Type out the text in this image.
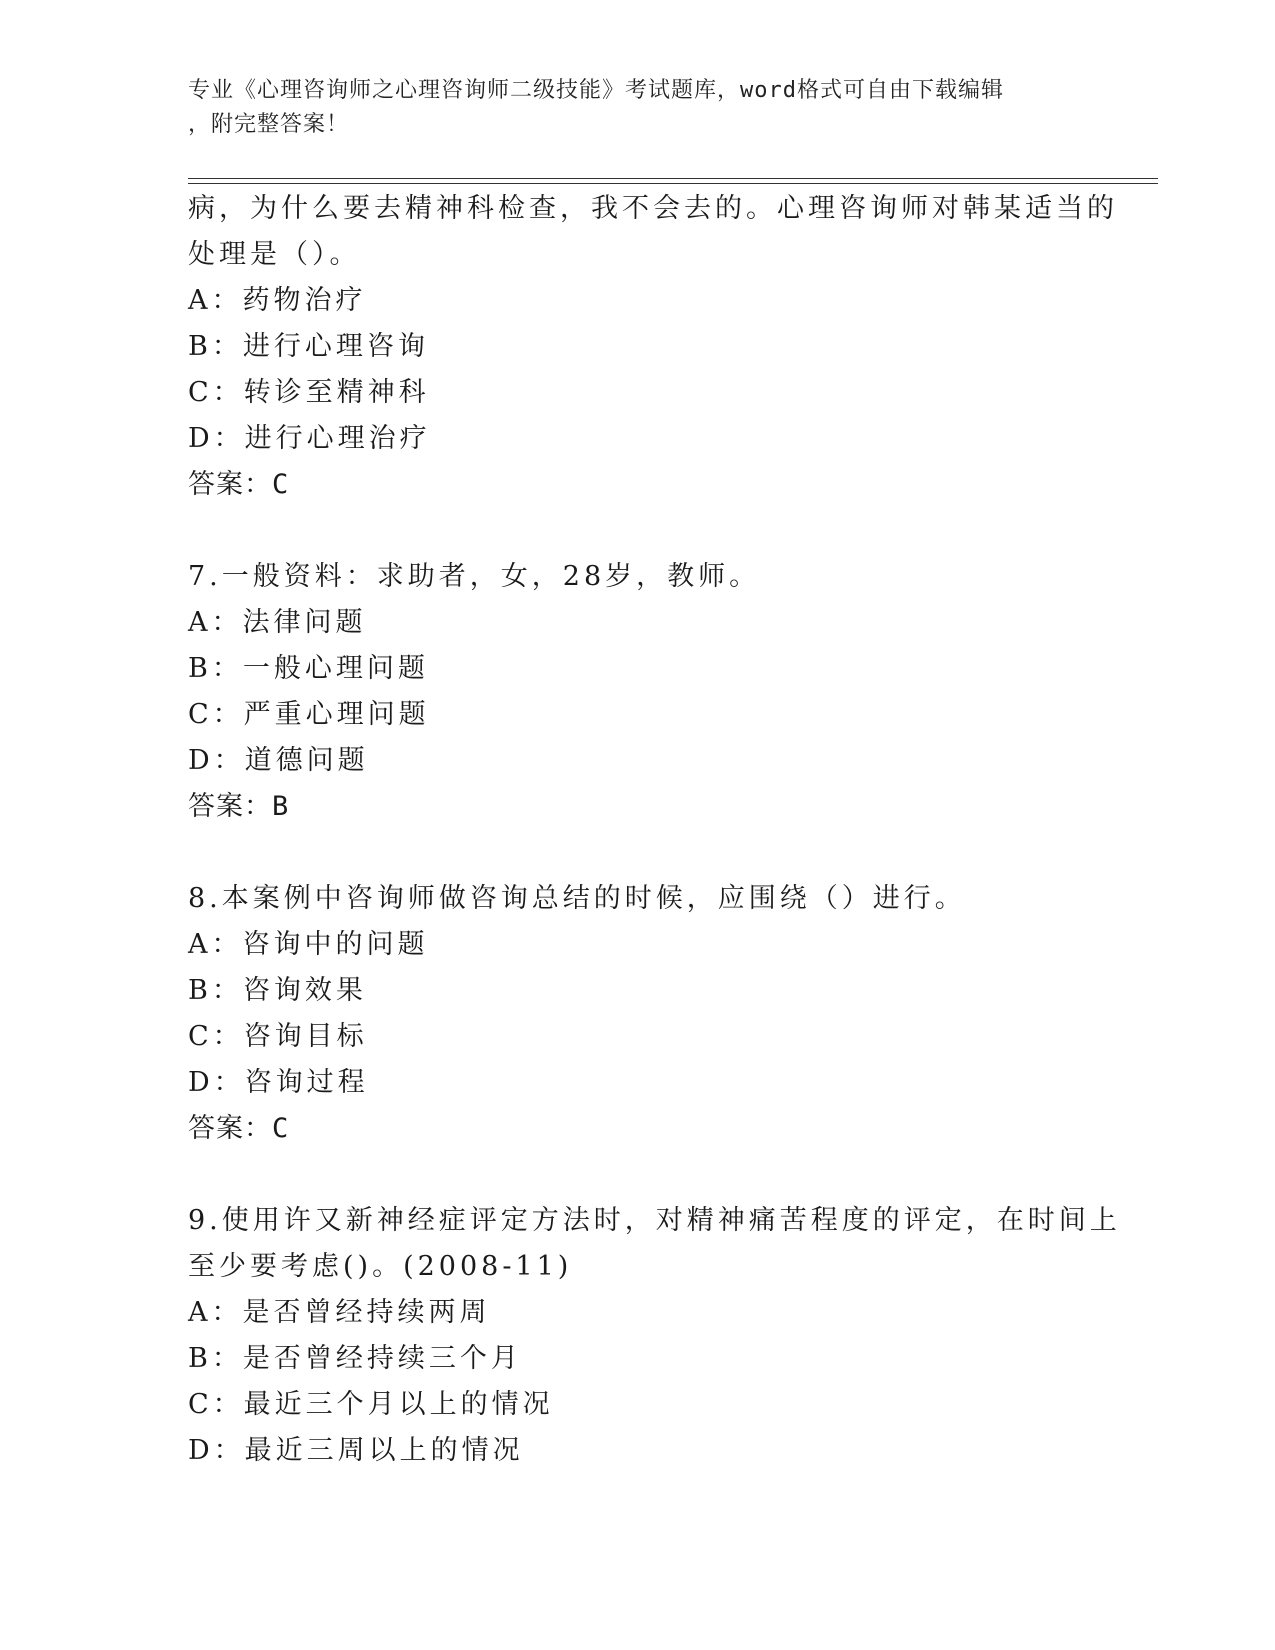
专业《心理咨询师之心理咨询师二级技能》考试题库，word格式可自由下载编辑
，附完整答案！
病，为什么要去精神科检查，我不会去的。心理咨询师对韩某适当的
处理是（）。
A：药物治疗
B：进行心理咨询
C：转诊至精神科
D：进行心理治疗
答案：C
7.一般资料：求助者，女，28岁，教师。
A：法律问题
B：一般心理问题
C：严重心理问题
D：道德问题
答案：B
8.本案例中咨询师做咨询总结的时候，应围绕（）进行。
A：咨询中的问题
B：咨询效果
C：咨询目标
D：咨询过程
答案：C
9.使用许又新神经症评定方法时，对精神痛苦程度的评定，在时间上
至少要考虑()。(2008-11)
A：是否曾经持续两周
B：是否曾经持续三个月
C：最近三个月以上的情况
D：最近三周以上的情况
